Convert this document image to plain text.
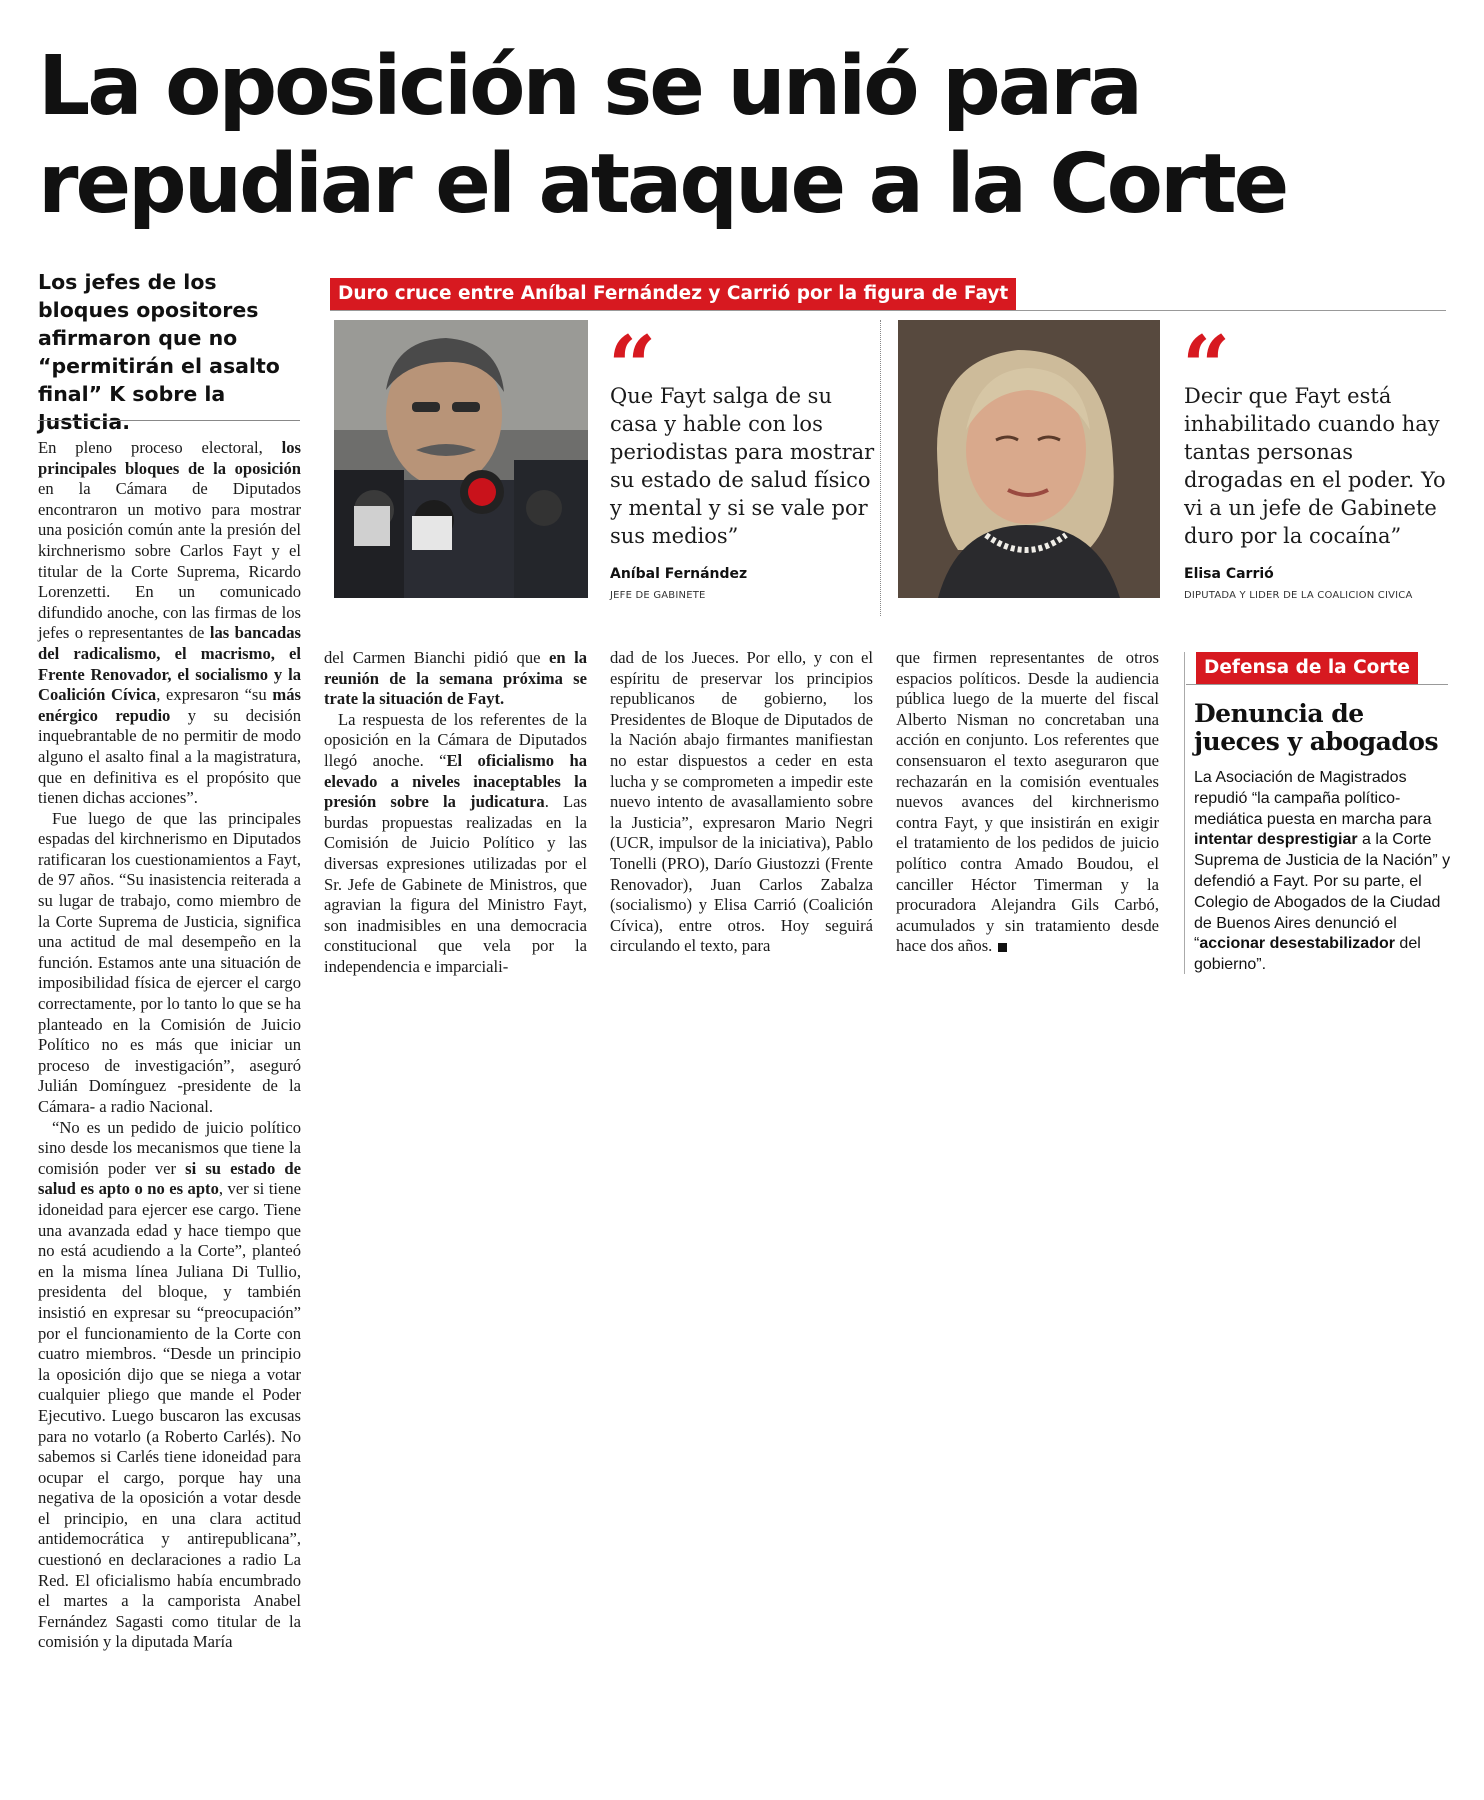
La oposición se unió para repudiar el ataque a la Corte

Los jefes de los bloques opositores afirmaron que no “permitirán el asalto final” K sobre la Justicia.

Duro cruce entre Aníbal Fernández y Carrió por la figura de Fayt
“

Que Fayt salga de su casa y hable con los periodistas para mostrar su estado de salud físico y mental y si se vale por sus medios”

Aníbal Fernández
JEFE DE GABINETE
“

Decir que Fayt está inhabilitado cuando hay tantas personas drogadas en el poder. Yo vi a un jefe de Gabinete duro por la cocaína”

Elisa Carrió
DIPUTADA Y LIDER DE LA COALICION CIVICA

En pleno proceso electoral, los principales bloques de la oposición en la Cámara de Diputados encontraron un motivo para mostrar una posición común ante la presión del kirchnerismo sobre Carlos Fayt y el titular de la Corte Suprema, Ricardo Lorenzetti. En un comunicado difundido anoche, con las firmas de los jefes o representantes de las bancadas del radicalismo, el macrismo, el Frente Renovador, el socialismo y la Coalición Cívica, expresaron “su más enérgico repudio y su decisión inquebrantable de no permitir de modo alguno el asalto final a la magistratura, que en definitiva es el propósito que tienen dichas acciones”.

Fue luego de que las principales espadas del kirchnerismo en Diputados ratificaran los cuestionamientos a Fayt, de 97 años. “Su inasistencia reiterada a su lugar de trabajo, como miembro de la Corte Suprema de Justicia, significa una actitud de mal desempeño en la función. Estamos ante una situación de imposibilidad física de ejercer el cargo correctamente, por lo tanto lo que se ha planteado en la Comisión de Juicio Político no es más que iniciar un proceso de investigación”, aseguró Julián Domínguez -presidente de la Cámara- a radio Nacional.

“No es un pedido de juicio político sino desde los mecanismos que tiene la comisión poder ver si su estado de salud es apto o no es apto, ver si tiene idoneidad para ejercer ese cargo. Tiene una avanzada edad y hace tiempo que no está acudiendo a la Corte”, planteó en la misma línea Juliana Di Tullio, presidenta del bloque, y también insistió en expresar su “preocupación” por el funcionamiento de la Corte con cuatro miembros. “Desde un principio la oposición dijo que se niega a votar cualquier pliego que mande el Poder Ejecutivo. Luego buscaron las excusas para no votarlo (a Roberto Carlés). No sabemos si Carlés tiene idoneidad para ocupar el cargo, porque hay una negativa de la oposición a votar desde el principio, en una clara actitud antidemocrática y antirepublicana”, cuestionó en declaraciones a radio La Red. El oficialismo había encumbrado el martes a la camporista Anabel Fernández Sagasti como titular de la comisión y la diputada María

del Carmen Bianchi pidió que en la reunión de la semana próxima se trate la situación de Fayt.

La respuesta de los referentes de la oposición en la Cámara de Diputados llegó anoche. “El oficialismo ha elevado a niveles inaceptables la presión sobre la judicatura. Las burdas propuestas realizadas en la Comisión de Juicio Político y las diversas expresiones utilizadas por el Sr. Jefe de Gabinete de Ministros, que agravian la figura del Ministro Fayt, son inadmisibles en una democracia constitucional que vela por la independencia e imparciali-

dad de los Jueces. Por ello, y con el espíritu de preservar los principios republicanos de gobierno, los Presidentes de Bloque de Diputados de la Nación abajo firmantes manifiestan no estar dispuestos a ceder en esta lucha y se comprometen a impedir este nuevo intento de avasallamiento sobre la Justicia”, expresaron Mario Negri (UCR, impulsor de la iniciativa), Pablo Tonelli (PRO), Darío Giustozzi (Frente Renovador), Juan Carlos Zabalza (socialismo) y Elisa Carrió (Coalición Cívica), entre otros. Hoy seguirá circulando el texto, para

que firmen representantes de otros espacios políticos. Desde la audiencia pública luego de la muerte del fiscal Alberto Nisman no concretaban una acción en conjunto. Los referentes que consensuaron el texto aseguraron que rechazarán en la comisión eventuales nuevos avances del kirchnerismo contra Fayt, y que insistirán en exigir el tratamiento de los pedidos de juicio político contra Amado Boudou, el canciller Héctor Timerman y la procuradora Alejandra Gils Carbó, acumulados y sin tratamiento desde hace dos años.

Defensa de la Corte
Denuncia de jueces y abogados

La Asociación de Magistrados repudió “la campaña político-mediática puesta en marcha para intentar desprestigiar a la Corte Suprema de Justicia de la Nación” y defendió a Fayt. Por su parte, el Colegio de Abogados de la Ciudad de Buenos Aires denunció el “accionar desestabilizador del gobierno”.
